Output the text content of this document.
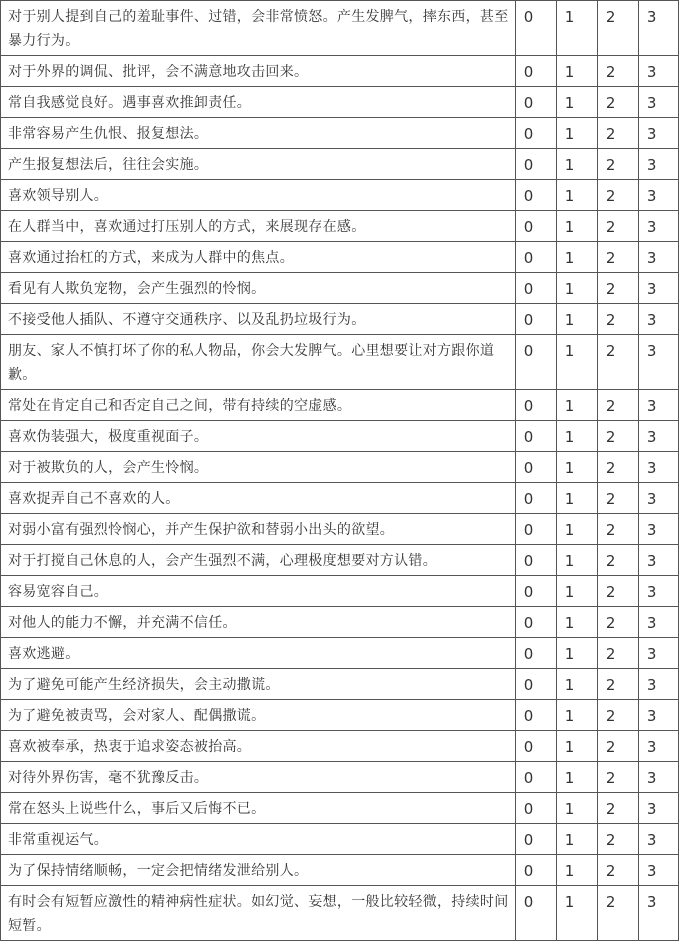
对于别人提到自己的羞耻事件、过错，会非常愤怒。产生发脾气，摔东西，甚至暴力行为。	0	1	2	3
对于外界的调侃、批评，会不满意地攻击回来。	0	1	2	3
常自我感觉良好。遇事喜欢推卸责任。	0	1	2	3
非常容易产生仇恨、报复想法。	0	1	2	3
产生报复想法后，往往会实施。	0	1	2	3
喜欢领导别人。	0	1	2	3
在人群当中，喜欢通过打压别人的方式，来展现存在感。	0	1	2	3
喜欢通过抬杠的方式，来成为人群中的焦点。	0	1	2	3
看见有人欺负宠物，会产生强烈的怜悯。	0	1	2	3
不接受他人插队、不遵守交通秩序、以及乱扔垃圾行为。	0	1	2	3
朋友、家人不慎打坏了你的私人物品，你会大发脾气。心里想要让对方跟你道歉。	0	1	2	3
常处在肯定自己和否定自己之间，带有持续的空虚感。	0	1	2	3
喜欢伪装强大，极度重视面子。	0	1	2	3
对于被欺负的人，会产生怜悯。	0	1	2	3
喜欢捉弄自己不喜欢的人。	0	1	2	3
对弱小富有强烈怜悯心，并产生保护欲和替弱小出头的欲望。	0	1	2	3
对于打搅自己休息的人，会产生强烈不满，心理极度想要对方认错。	0	1	2	3
容易宽容自己。	0	1	2	3
对他人的能力不懈，并充满不信任。	0	1	2	3
喜欢逃避。	0	1	2	3
为了避免可能产生经济损失，会主动撒谎。	0	1	2	3
为了避免被责骂，会对家人、配偶撒谎。	0	1	2	3
喜欢被奉承，热衷于追求姿态被抬高。	0	1	2	3
对待外界伤害，毫不犹豫反击。	0	1	2	3
常在怒头上说些什么，事后又后悔不已。	0	1	2	3
非常重视运气。	0	1	2	3
为了保持情绪顺畅，一定会把情绪发泄给别人。	0	1	2	3
有时会有短暂应激性的精神病性症状。如幻觉、妄想，一般比较轻微，持续时间短暂。	0	1	2	3
